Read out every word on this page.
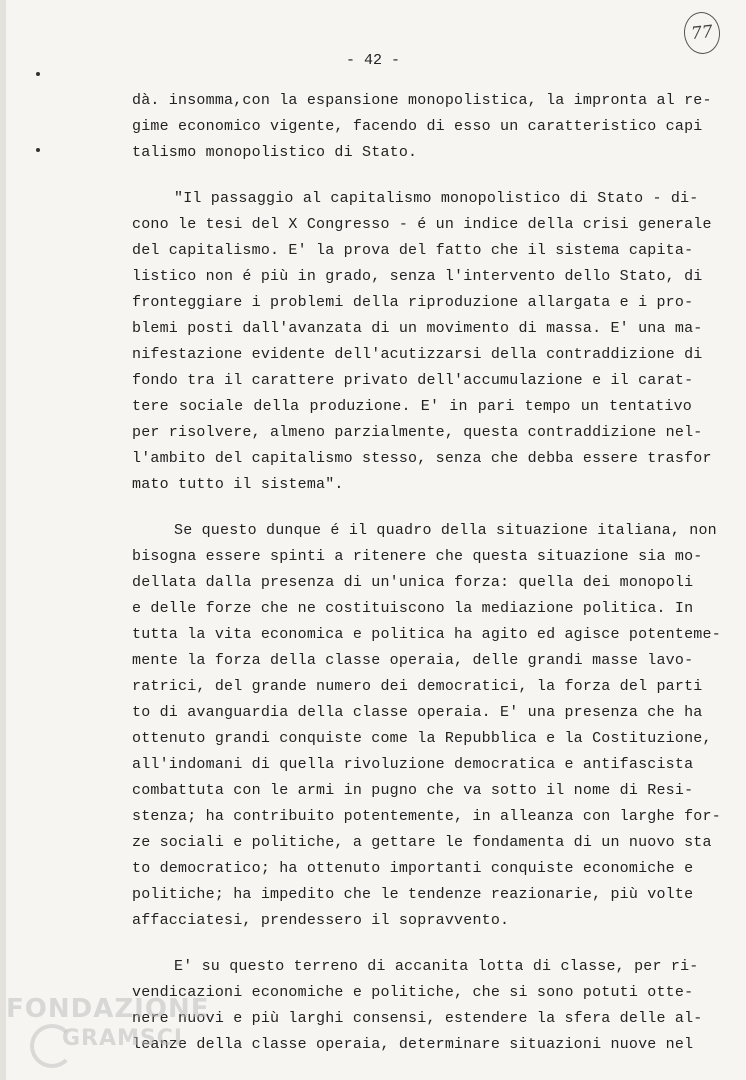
77
- 42 -
dà. insomma,con la espansione monopolistica, la impronta al re-
gime economico vigente, facendo di esso un caratteristico capi
talismo monopolistico di Stato.
"Il passaggio al capitalismo monopolistico di Stato - di-
cono le tesi del X Congresso - é un indice della crisi generale
del capitalismo. E' la prova del fatto che il sistema capita-
listico non é più in grado, senza l'intervento dello Stato, di
fronteggiare i problemi della riproduzione allargata e i pro-
blemi posti dall'avanzata di un movimento di massa. E' una ma-
nifestazione evidente dell'acutizzarsi della contraddizione di
fondo tra il carattere privato dell'accumulazione e il carat-
tere sociale della produzione. E' in pari tempo un tentativo
per risolvere, almeno parzialmente, questa contraddizione nel-
l'ambito del capitalismo stesso, senza che debba essere trasfor
mato tutto il sistema".
Se questo dunque é il quadro della situazione italiana, non
bisogna essere spinti a ritenere che questa situazione sia mo-
dellata dalla presenza di un'unica forza: quella dei monopoli
e delle forze che ne costituiscono la mediazione politica. In
tutta la vita economica e politica ha agito ed agisce potenteme-
mente la forza della classe operaia, delle grandi masse lavo-
ratrici, del grande numero dei democratici, la forza del parti
to di avanguardia della classe operaia. E' una presenza che ha
ottenuto grandi conquiste come la Repubblica e la Costituzione,
all'indomani di quella rivoluzione democratica e antifascista
combattuta con le armi in pugno che va sotto il nome di Resi-
stenza; ha contribuito potentemente, in alleanza con larghe for-
ze sociali e politiche, a gettare le fondamenta di un nuovo sta
to democratico; ha ottenuto importanti conquiste economiche e
politiche; ha impedito che le tendenze reazionarie, più volte
affacciatesi, prendessero il sopravvento.
E' su questo terreno di accanita lotta di classe, per ri-
vendicazioni economiche e politiche, che si sono potuti otte-
nere nuovi e più larghi consensi, estendere la sfera delle al-
leanze della classe operaia, determinare situazioni nuove nel
FONDAZIONE
GRAMSCI
